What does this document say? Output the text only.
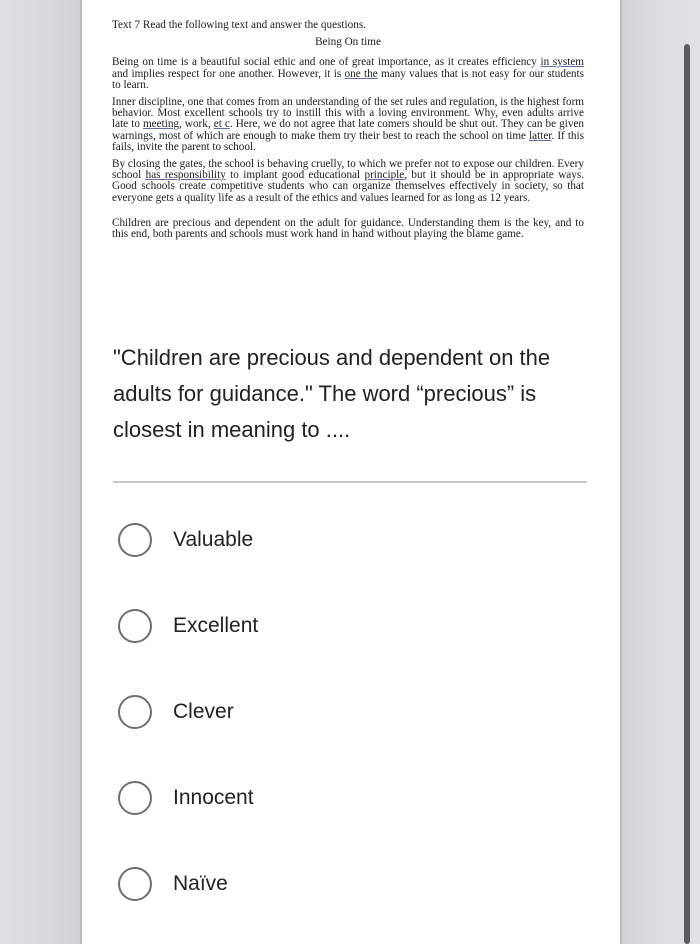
Text 7 Read the following text and answer the questions.
Being On time

Being on time is a beautiful social ethic and one of great importance, as it creates efficiency in system and implies respect for one another. However, it is one the many values that is not easy for our students to learn.

Inner discipline, one that comes from an understanding of the set rules and regulation, is the highest form behavior. Most excellent schools try to instill this with a loving environment. Why, even adults arrive late to meeting, work, et c. Here, we do not agree that late comers should be shut out. They can be given warnings, most of which are enough to make them try their best to reach the school on time latter. If this fails, invite the parent to school.

By closing the gates, the school is behaving cruelly, to which we prefer not to expose our children. Every school has responsibility to implant good educational principle, but it should be in appropriate ways. Good schools create competitive students who can organize themselves effectively in society, so that everyone gets a quality life as a result of the ethics and values learned for as long as 12 years.

Children are precious and dependent on the adult for guidance. Understanding them is the key, and to this end, both parents and schools must work hand in hand without playing the blame game.

"Children are precious and dependent on the adults for guidance." The word “precious” is closest in meaning to ....
Valuable
Excellent
Clever
Innocent
Naïve
